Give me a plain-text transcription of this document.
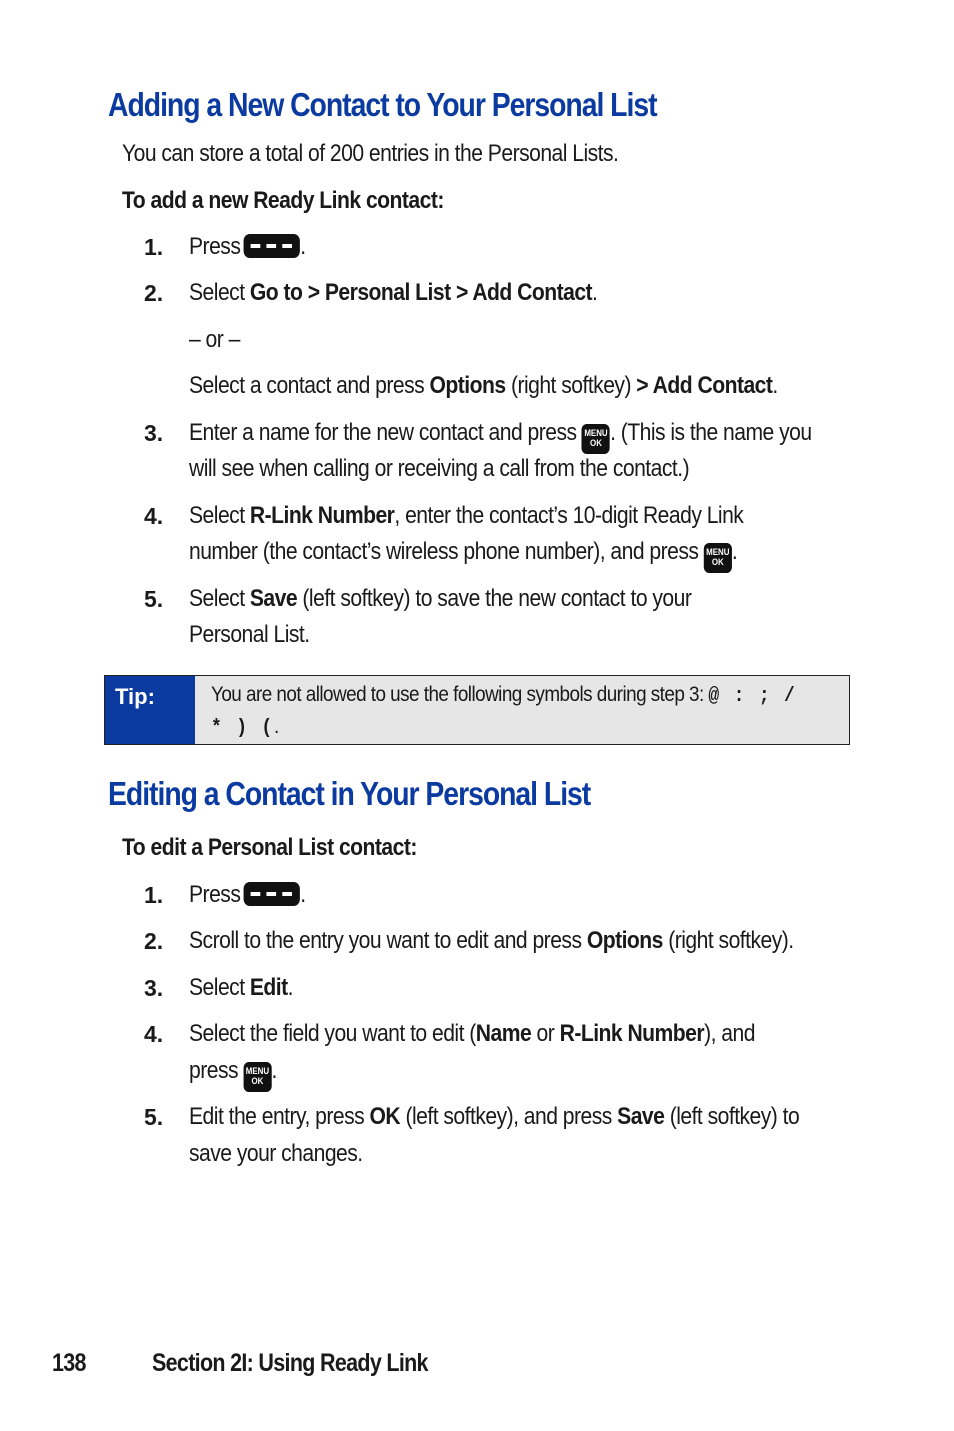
Adding a New Contact to Your Personal List
You can store a total of 200 entries in the Personal Lists.
To add a new Ready Link contact:
1. Press .
2. Select Go to > Personal List > Add Contact.
– or –
Select a contact and press Options (right softkey) > Add Contact.
3. Enter a name for the new contact and press MENU
OK . (This is the name you
will see when calling or receiving a call from the contact.)
4. Select R-Link Number, enter the contact’s 10-digit Ready Link
number (the contact’s wireless phone number), and press MENU
OK .
5. Select Save (left softkey) to save the new contact to your
Personal List.
Tip:	You are not allowed to use the following symbols during step 3: @ : ; /
* ) (.
Editing a Contact in Your Personal List
To edit a Personal List contact:
1. Press .
2. Scroll to the entry you want to edit and press Options (right softkey).
3. Select Edit.
4. Select the field you want to edit (Name or R-Link Number), and
press MENU
OK .
5. Edit the entry, press OK (left softkey), and press Save (left softkey) to
save your changes.
138	Section 2I: Using Ready Link
